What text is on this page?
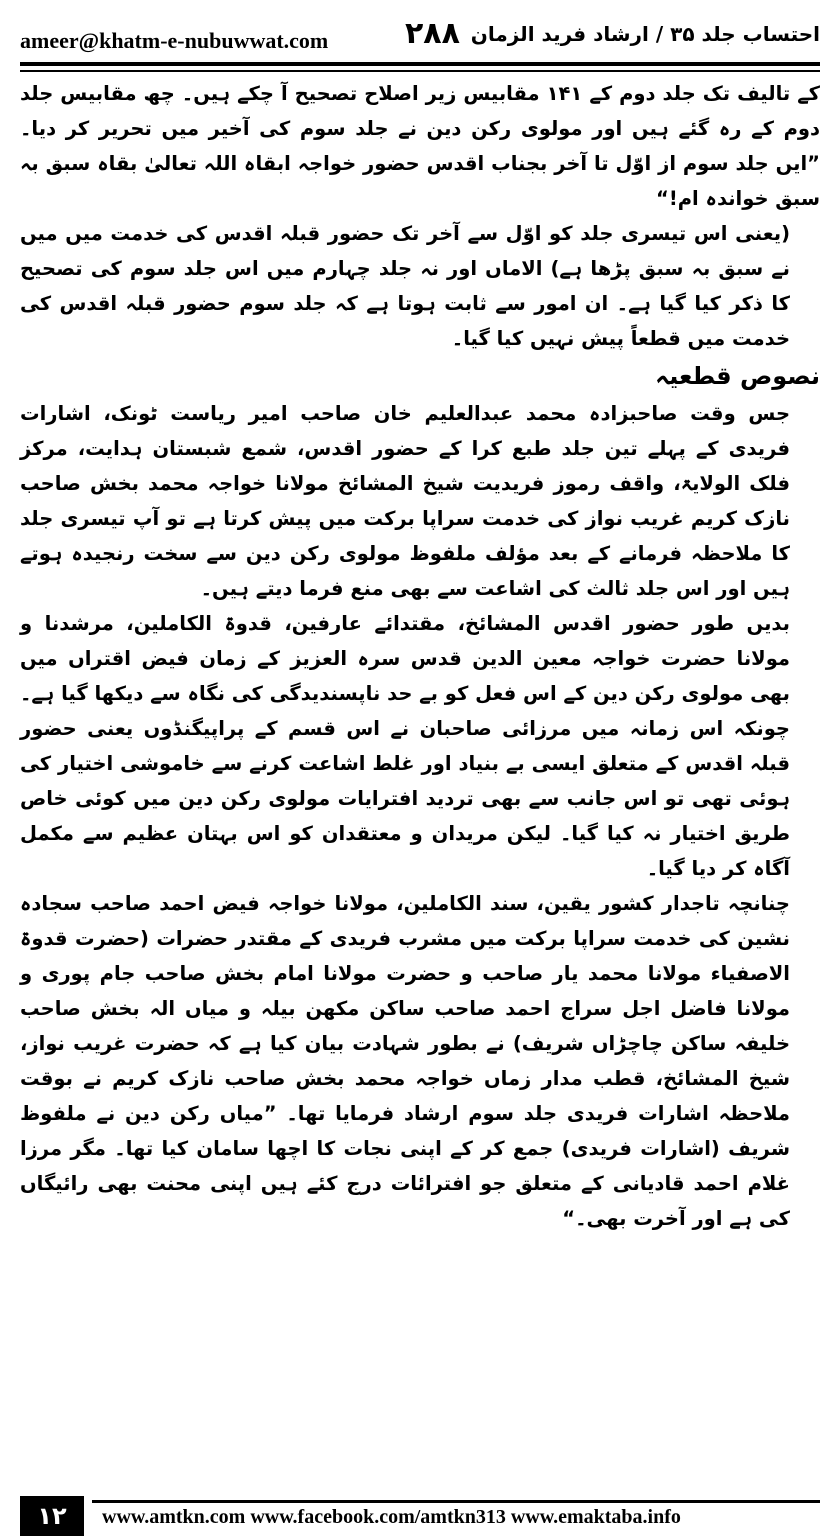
ameer@khatm-e-nubuwwat.com	۲۸۸ احتساب جلد ۳۵ / ارشاد فرید الزمان

کے تالیف تک جلد دوم کے ۱۴۱ مقابیس زیر اصلاح تصحیح آ چکے ہیں۔ چھ مقابیس جلد دوم کے رہ گئے ہیں اور مولوی رکن دین نے جلد سوم کی آخیر میں تحریر کر دیا۔ ”ایں جلد سوم از اوّل تا آخر بجناب اقدس حضور خواجہ ابقاہ اللہ تعالیٰ بقاہ سبق بہ سبق خواندہ ام!“

(یعنی اس تیسری جلد کو اوّل سے آخر تک حضور قبلہ اقدس کی خدمت میں میں نے سبق بہ سبق پڑھا ہے) الاماں اور نہ جلد چہارم میں اس جلد سوم کی تصحیح کا ذکر کیا گیا ہے۔ ان امور سے ثابت ہوتا ہے کہ جلد سوم حضور قبلہ اقدس کی خدمت میں قطعاً پیش نہیں کیا گیا۔

نصوص قطعیہ

جس وقت صاحبزادہ محمد عبدالعلیم خان صاحب امیر ریاست ٹونک، اشارات فریدی کے پہلے تین جلد طبع کرا کے حضور اقدس، شمع شبستان ہدایت، مرکز فلک الولایۃ، واقف رموز فریدیت شیخ المشائخ مولانا خواجہ محمد بخش صاحب نازک کریم غریب نواز کی خدمت سراپا برکت میں پیش کرتا ہے تو آپ تیسری جلد کا ملاحظہ فرمانے کے بعد مؤلف ملفوظ مولوی رکن دین سے سخت رنجیدہ ہوتے ہیں اور اس جلد ثالث کی اشاعت سے بھی منع فرما دیتے ہیں۔

بدیں طور حضور اقدس المشائخ، مقتدائے عارفین، قدوۃ الکاملین، مرشدنا و مولانا حضرت خواجہ معین الدین قدس سرہ العزیز کے زمان فیض اقتراں میں بھی مولوی رکن دین کے اس فعل کو بے حد ناپسندیدگی کی نگاہ سے دیکھا گیا ہے۔ چونکہ اس زمانہ میں مرزائی صاحبان نے اس قسم کے پراپیگنڈوں یعنی حضور قبلہ اقدس کے متعلق ایسی بے بنیاد اور غلط اشاعت کرنے سے خاموشی اختیار کی ہوئی تھی تو اس جانب سے بھی تردید افترایات مولوی رکن دین میں کوئی خاص طریق اختیار نہ کیا گیا۔ لیکن مریدان و معتقدان کو اس بہتان عظیم سے مکمل آگاہ کر دیا گیا۔

چنانچہ تاجدار کشور یقین، سند الکاملین، مولانا خواجہ فیض احمد صاحب سجادہ نشین کی خدمت سراپا برکت میں مشرب فریدی کے مقتدر حضرات (حضرت قدوۃ الاصفیاء مولانا محمد یار صاحب و حضرت مولانا امام بخش صاحب جام پوری و مولانا فاضل اجل سراج احمد صاحب ساکن مکھن بیلہ و میاں الہ بخش صاحب خلیفہ ساکن چاچڑاں شریف) نے بطور شہادت بیان کیا ہے کہ حضرت غریب نواز، شیخ المشائخ، قطب مدار زماں خواجہ محمد بخش صاحب نازک کریم نے بوقت ملاحظہ اشارات فریدی جلد سوم ارشاد فرمایا تھا۔ ”میاں رکن دین نے ملفوظ شریف (اشارات فریدی) جمع کر کے اپنی نجات کا اچھا سامان کیا تھا۔ مگر مرزا غلام احمد قادیانی کے متعلق جو افترائات درج کئے ہیں اپنی محنت بھی رائیگاں کی ہے اور آخرت بھی۔“

۱۲	www.amtkn.com www.facebook.com/amtkn313 www.emaktaba.info
